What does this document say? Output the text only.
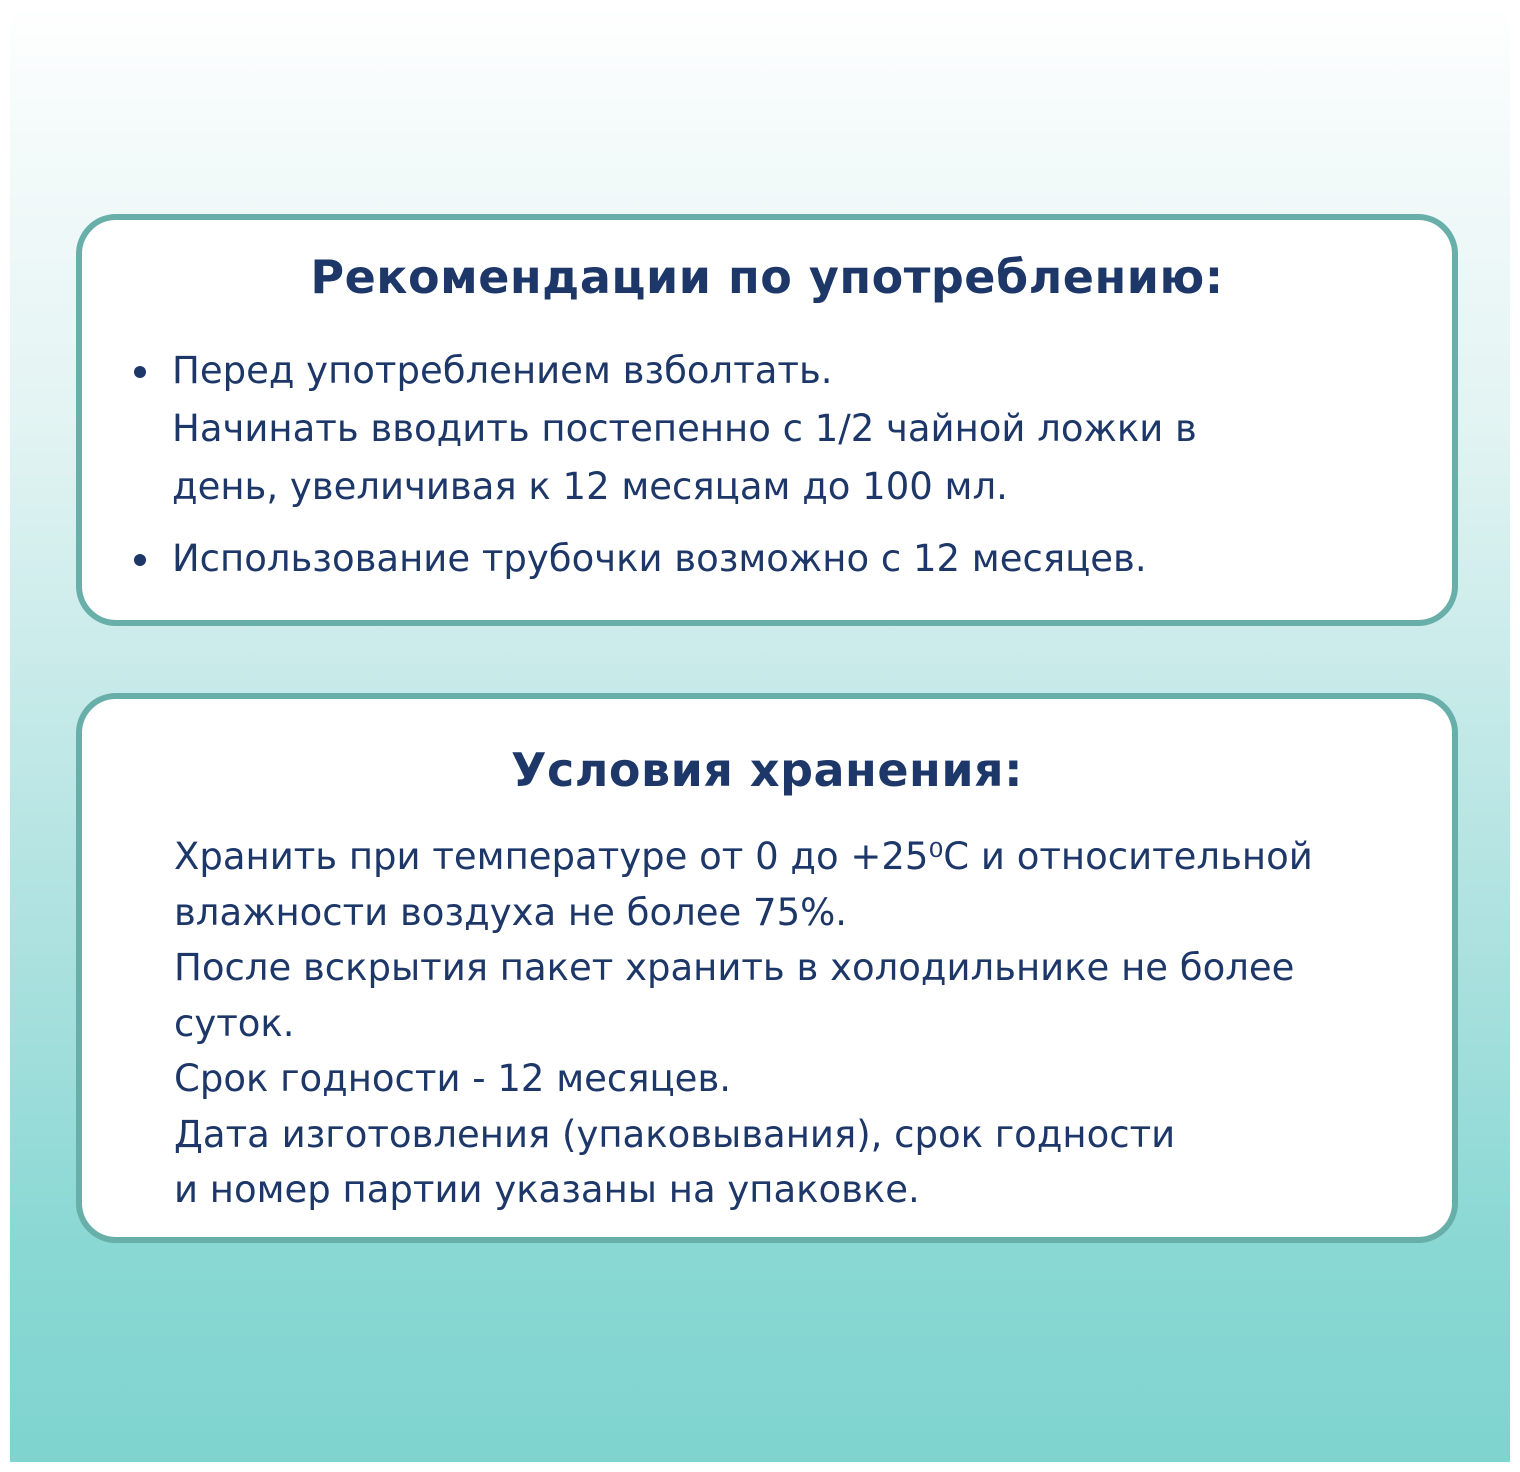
Рекомендации по употреблению:
Перед употреблением взболтать.
Начинать вводить постепенно с 1/2 чайной ложки в
день, увеличивая к 12 месяцам до 100 мл.
Использование трубочки возможно с 12 месяцев.
Условия хранения:
Хранить при температуре от 0 до +25⁰С и относительной
влажности воздуха не более 75%.
После вскрытия пакет хранить в холодильнике не более
суток.
Срок годности - 12 месяцев.
Дата изготовления (упаковывания), срок годности
и номер партии указаны на упаковке.
